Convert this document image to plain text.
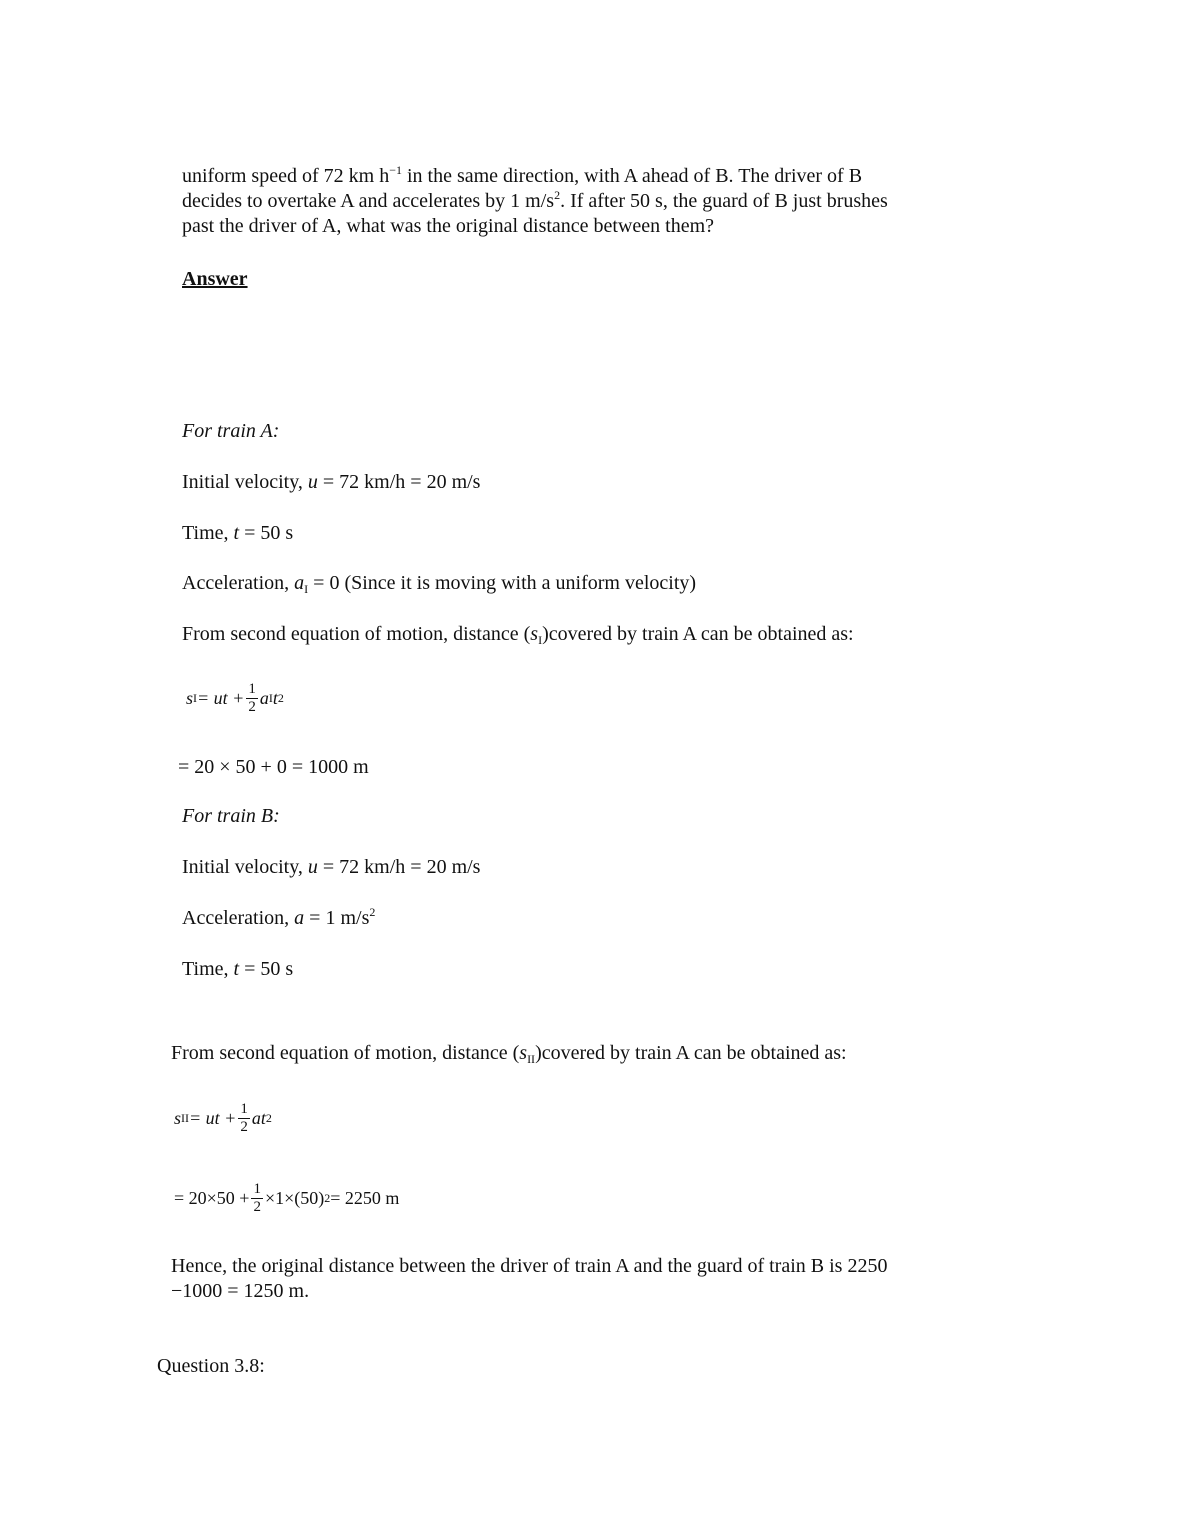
uniform speed of 72 km $h^{-1}$ in the same direction, with A ahead of B. The driver of B
decides to overtake A and accelerates by 1 $m/s^2$. If after 50 s, the guard of B just brushes
past the driver of A, what was the original distance between them?
Answer
For train A:
Initial velocity, u = 72 km/h = 20 m/s
Time, t = 50 s
Acceleration, $a_I = 0$ (Since it is moving with a uniform velocity)
From second equation of motion, distance $(s_I)covered$ by train A can be obtained as:
s I = ut + $\frac{1}{2}$ a I t 2
= 20 × 50 + 0 = 1000 m
For train B:
Initial velocity, u = 72 km/h = 20 m/s
Acceleration, a = 1 $m/s^2$
Time, t = 50 s
From second equation of motion, distance $(s_{II})covered$ by train A can be obtained as:
s II = ut + $\frac{1}{2}$ at 2
= $20\times 50 + \frac{1}{2} \times 1\times(50) 2 = 2250$ m
Hence, the original distance between the driver of train A and the guard of train B is 2250
−1000 = 1250 m.
Question 3.8:
